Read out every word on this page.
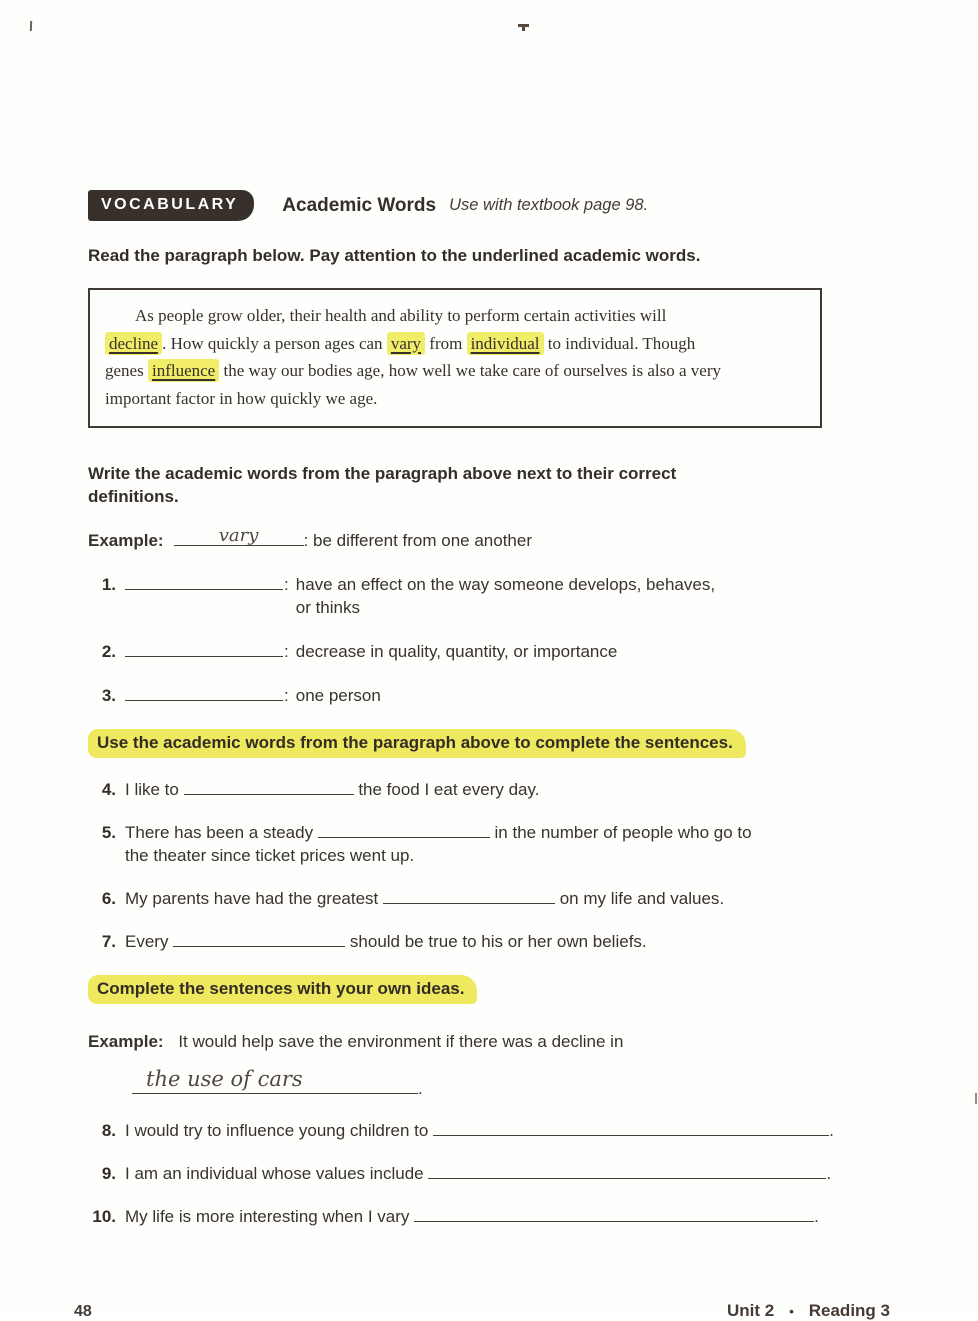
VOCABULARY	Academic Words Use with textbook page 98.
Read the paragraph below. Pay attention to the underlined academic words.

As people grow older, their health and ability to perform certain activities will
decline . How quickly a person ages can vary from individual to individual. Though
genes influence the way our bodies age, how well we take care of ourselves is also a very
important factor in how quickly we age.

Write the academic words from the paragraph above next to their correct definitions.
Example:	vary	: be different from one another
1.	: have an effect on the way someone develops, behaves,
or thinks
2.	: decrease in quality, quantity, or importance
3.	: one person
Use the academic words from the paragraph above to complete the sentences.
4. I like to	the food I eat every day.
5. There has been a steady	in the number of people who go to
the theater since ticket prices went up.
6. My parents have had the greatest	on my life and values.
7. Every	should be true to his or her own beliefs.
Complete the sentences with your own ideas.
Example: It would help save the environment if there was a decline in
the use of cars	.
8. I would try to influence young children to	.
9. I am an individual whose values include	.
10. My life is more interesting when I vary	.
48	Unit 2 • Reading 3
